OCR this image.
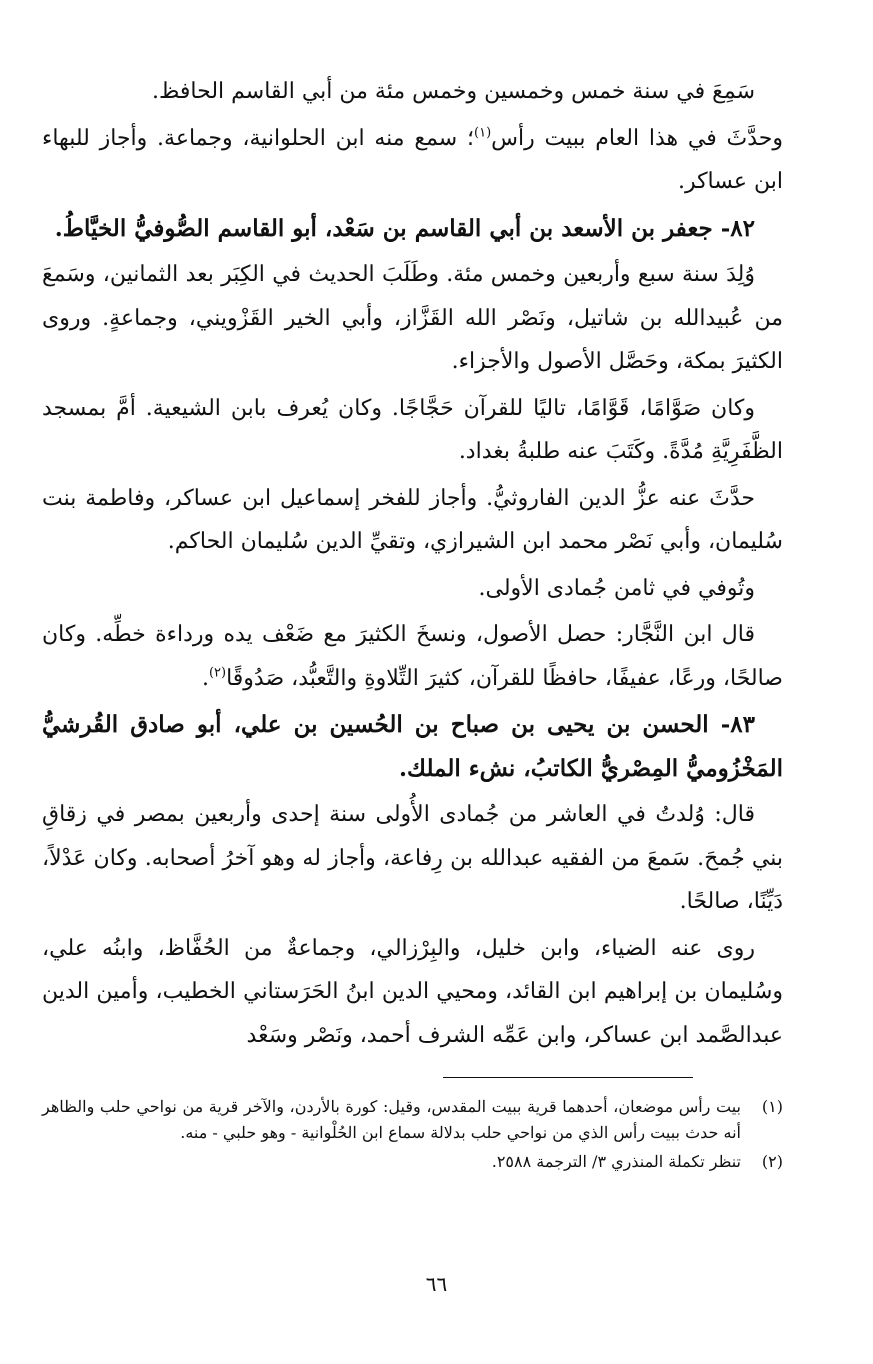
سَمِعَ في سنة خمس وخمسين وخمس مئة من أبي القاسم الحافظ.

وحدَّثَ في هذا العام ببيت رأس$^{(١)}$؛ سمع منه ابن الحلوانية، وجماعة. وأجاز للبهاء ابن عساكر.

٨٢- جعفر بن الأسعد بن أبي القاسم بن سَعْد، أبو القاسم الصُّوفيُّ الخيَّاطُ.

وُلِدَ سنة سبع وأربعين وخمس مئة. وطَلَبَ الحديث في الكِبَر بعد الثمانين، وسَمعَ من عُبيدالله بن شاتيل، ونَصْر الله القَزَّاز، وأبي الخير القَزْويني، وجماعةٍ. وروى الكثيرَ بمكة، وحَصَّل الأصول والأجزاء.

وكان صَوَّامًا، قَوَّامًا، تاليًا للقرآن حَجَّاجًا. وكان يُعرف بابن الشيعية. أمَّ بمسجد الظَّفَرِيَّةِ مُدَّةً. وكَتَبَ عنه طلبةُ بغداد.

حدَّثَ عنه عزُّ الدين الفاروثيُّ. وأجاز للفخر إسماعيل ابن عساكر، وفاطمة بنت سُليمان، وأبي نَصْر محمد ابن الشيرازي، وتقيِّ الدين سُليمان الحاكم.

وتُوفي في ثامن جُمادى الأولى.

قال ابن النَّجَّار: حصل الأصول، ونسخَ الكثيرَ مع ضَعْف يده ورداءة خطِّه. وكان صالحًا، ورعًا، عفيفًا، حافظًا للقرآن، كثيرَ التِّلاوةِ والتَّعبُّد، صَدُوقًا$^{(٢)}$.

٨٣- الحسن بن يحيى بن صباح بن الحُسين بن علي، أبو صادق القُرشيُّ المَخْزُوميُّ المِصْريُّ الكاتبُ، نشء الملك.

قال: وُلدتُ في العاشر من جُمادى الأُولى سنة إحدى وأربعين بمصر في زقاقِ بني جُمحَ. سَمعَ من الفقيه عبدالله بن رِفاعة، وأجاز له وهو آخرُ أصحابه. وكان عَدْلاً، دَيِّنًا، صالحًا.

روى عنه الضياء، وابن خليل، والبِرْزالي، وجماعةٌ من الحُفَّاظ، وابنُه علي، وسُليمان بن إبراهيم ابن القائد، ومحيي الدين ابنُ الحَرَستاني الخطيب، وأمين الدين عبدالصَّمد ابن عساكر، وابن عَمِّه الشرف أحمد، ونَصْر وسَعْد

(١)
بيت رأس موضعان، أحدهما قرية ببيت المقدس، وقيل: كورة بالأردن، والآخر قرية من نواحي حلب والظاهر أنه حدث ببيت رأس الذي من نواحي حلب بدلالة سماع ابن الحُلْوانية - وهو حلبي - منه.
(٢)
تنظر تكملة المنذري ٣/ الترجمة ٢٥٨٨.
٦٦
